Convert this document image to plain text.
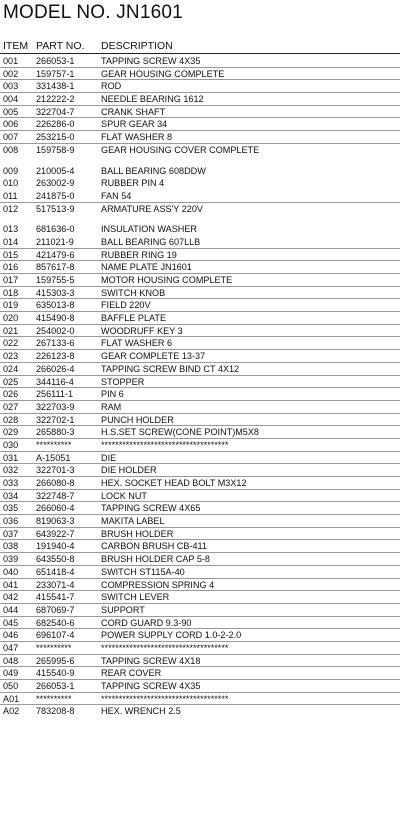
MODEL NO. JN1601
ITEM PART NO. DESCRIPTION
001 266053-1	TAPPING SCREW 4X35
002 159757-1	GEAR HOUSING COMPLETE
003 331438-1	ROD
004 212222-2	NEEDLE BEARING 1612
005 322704-7	CRANK SHAFT
006 226286-0	SPUR GEAR 34
007 253215-0	FLAT WASHER 8
008 159758-9	GEAR HOUSING COVER COMPLETE
009 210005-4	BALL BEARING 608DDW
010 263002-9	RUBBER PIN 4
011 241875-0	FAN 54
012 517513-9	ARMATURE ASS'Y 220V
013 681636-0	INSULATION WASHER
014 211021-9	BALL BEARING 607LLB
015 421479-6	RUBBER RING 19
016 857617-8	NAME PLATE JN1601
017 159755-5	MOTOR HOUSING COMPLETE
018 415303-3	SWITCH KNOB
019 635013-8	FIELD 220V
020 415490-8	BAFFLE PLATE
021 254002-0	WOODRUFF KEY 3
022 267133-6	FLAT WASHER 6
023 226123-8	GEAR COMPLETE 13-37
024 266026-4	TAPPING SCREW BIND CT 4X12
025 344116-4	STOPPER
026 256111-1	PIN 6
027 322703-9	RAM
028 322702-1	PUNCH HOLDER
029 265880-3	H.S.SET SCREW(CONE POINT)M5X8
030 **********	************************************
031 A-15051	DIE
032 322701-3	DIE HOLDER
033 266080-8	HEX. SOCKET HEAD BOLT M3X12
034 322748-7	LOCK NUT
035 266060-4	TAPPING SCREW 4X65
036 819063-3	MAKITA LABEL
037 643922-7	BRUSH HOLDER
038 191940-4	CARBON BRUSH CB-411
039 643550-8	BRUSH HOLDER CAP 5-8
040 651418-4	SWITCH ST115A-40
041 233071-4	COMPRESSION SPRING 4
042 415541-7	SWITCH LEVER
044 687069-7	SUPPORT
045 682540-6	CORD GUARD 9.3-90
046 696107-4	POWER SUPPLY CORD 1.0-2-2.0
047 **********	************************************
048 265995-6	TAPPING SCREW 4X18
049 415540-9	REAR COVER
050 266053-1	TAPPING SCREW 4X35
A01 **********	************************************
A02 783208-8	HEX. WRENCH 2.5
